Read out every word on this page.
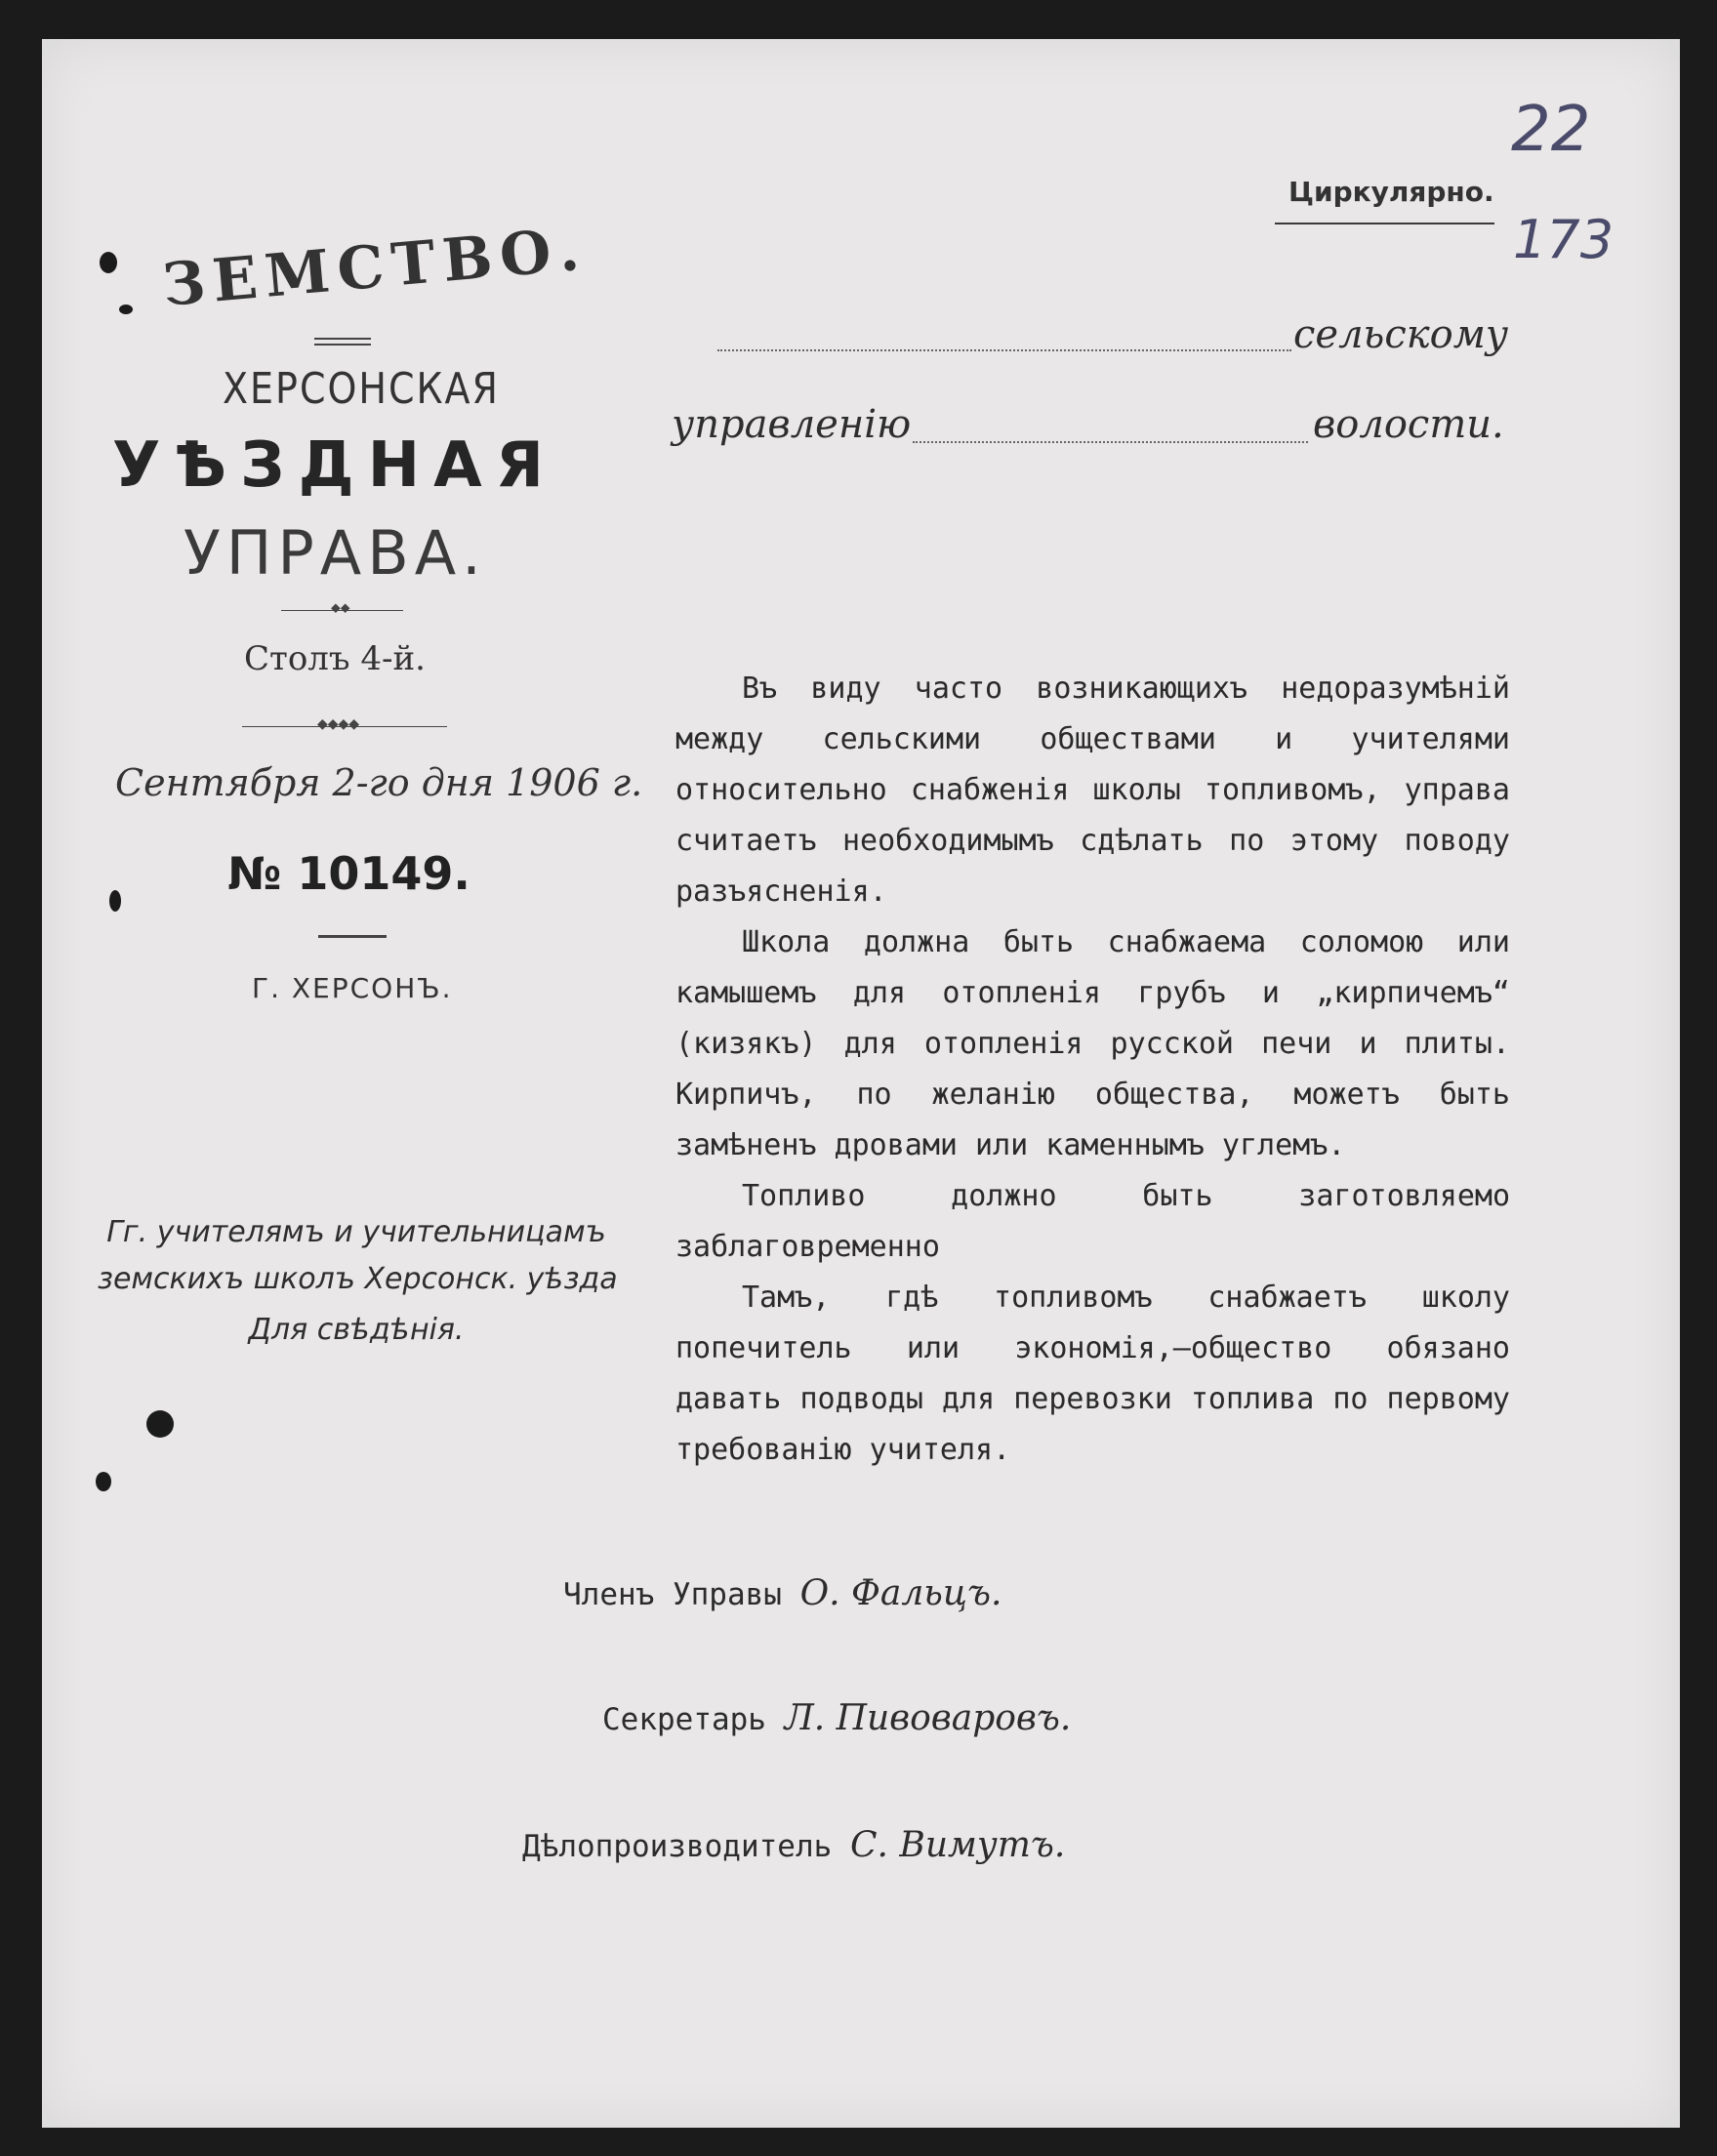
22
173
Циркулярно.
ЗЕМСТВО.
ХЕРСОНСКАЯ
УѢЗДНАЯ
УПРАВА.
⬥⬥
Столъ 4-й.
◆◆◆◆
Сентября 2-го дня 1906 г.
№ 10149.
Г. ХЕРСОНЪ.
Гг. учителямъ и учительницамъ
земскихъ школъ Херсонск. уѣзда
Для свѣдѣнія.
сельскому
управленію	волости.

Въ виду часто возникающихъ недоразумѣній между сельскими обществами и учителями относительно снабженія школы топливомъ, управа считаетъ необходимымъ сдѣлать по этому поводу разъясненія.

Школа должна быть снабжаема соломою или камышемъ для отопленія грубъ и „кирпичемъ“ (кизякъ) для отопленія русской печи и плиты. Кирпичъ, по желанію общества, можетъ быть замѣненъ дровами или каменнымъ углемъ.

Топливо должно быть заготовляемо заблаговременно

Тамъ, гдѣ топливомъ снабжаетъ школу попечитель или экономія,—общество обязано давать подводы для перевозки топлива по первому требованію учителя.

Членъ Управы О. Фальцъ.
Секретарь Л. Пивоваровъ.
Дѣлопроизводитель С. Вимутъ.
